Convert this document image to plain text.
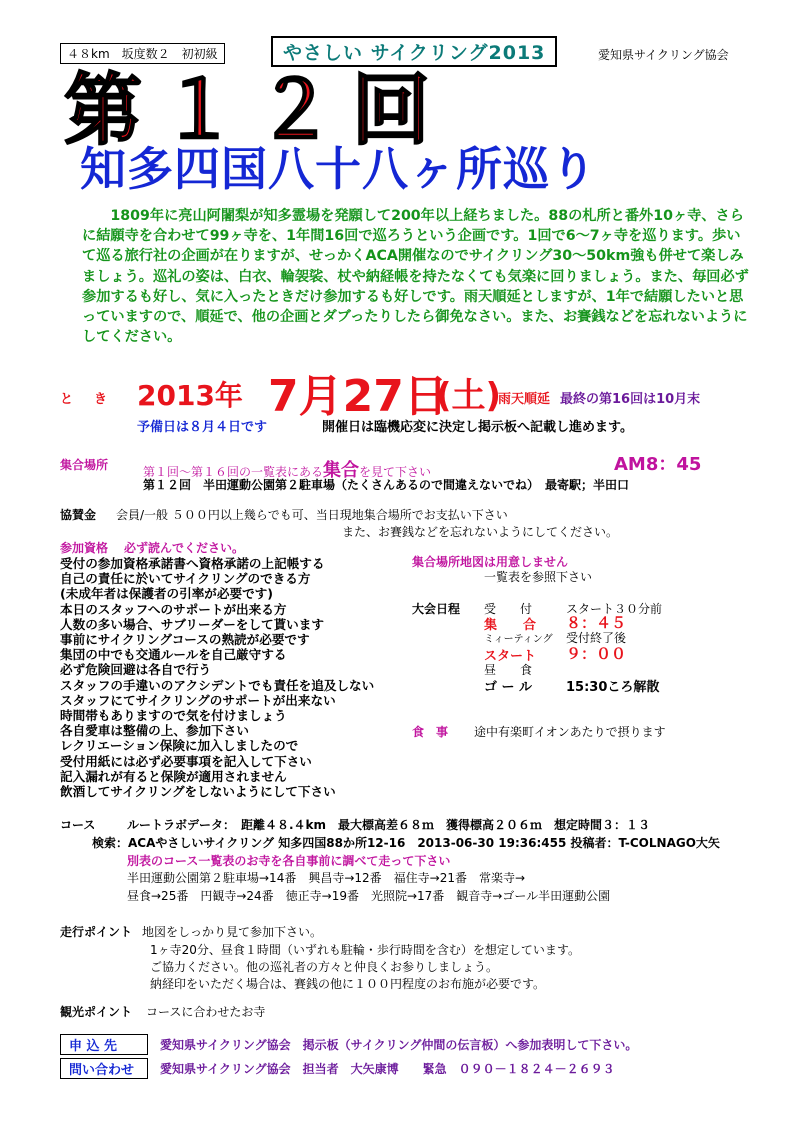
４８km　坂度数２　初初級	やさしい サイクリング2013	愛知県サイクリング協会
第１２回
知多四国八十八ヶ所巡り
1809年に亮山阿闍梨が知多霊場を発願して200年以上経ちました。88の札所と番外10ヶ寺、さらに結願寺を合わせて99ヶ寺を、1年間16回で巡ろうという企画です。1回で6～7ヶ寺を巡ります。歩いて巡る旅行社の企画が在りますが、せっかくACA開催なのでサイクリング30～50km強も併せて楽しみましょう。巡礼の姿は、白衣、輪袈裟、杖や納経帳を持たなくても気楽に回りましょう。また、毎回必ず参加するも好し、気に入ったときだけ参加するも好しです。雨天順延としますが、1年で結願したいと思っていますので、順延で、他の企画とダブったりしたら御免なさい。また、お賽銭などを忘れないようにしてください。
と　き 2013年 7月27日
(土)
雨天順延 最終の第16回は10月末
予備日は８月４日です	開催日は臨機応変に決定し掲示板へ記載し進めます。
集合場所	第１回～第１６回の一覧表にある集合を見て下さい	AM8：45
第１２回　半田運動公園第２駐車場（たくさんあるので間違えないでね）　最寄駅；半田口
協賛金 会員/一般 ５００円以上幾らでも可、当日現地集合場所でお支払い下さい
また、お賽銭などを忘れないようにしてください。
参加資格 必ず読んでください。
受付の参加資格承諾書へ資格承諾の上記帳する
自己の責任に於いてサイクリングのできる方
(未成年者は保護者の引率が必要です)
本日のスタッフへのサポートが出来る方
人数の多い場合、サブリーダーをして貰います
事前にサイクリングコースの熟読が必要です
集団の中でも交通ルールを自己厳守する
必ず危険回避は各自で行う
スタッフの手違いのアクシデントでも責任を追及しない
スタッフにてサイクリングのサポートが出来ない
時間帯もありますので気を付けましょう
各自愛車は整備の上、参加下さい
レクリエーション保険に加入しましたので
受付用紙には必ず必要事項を記入して下さい
記入漏れが有ると保険が適用されません
飲酒してサイクリングをしないようにして下さい
集合場所地図は用意しません
一覧表を参照下さい
大会日程 受　　付	スタート３０分前
集　　合 ８：４５
ミィーティング 受付終了後
スタート ９：００
昼　　食
ゴ ー ル	15:30ころ解散
食　事 途中有楽町イオンあたりで摂ります
コース	ルートラボデータ：　距離４８.４km　最大標高差６８ｍ　獲得標高２０６ｍ　想定時間３：１３
検索：ACAやさしいサイクリング 知多四国88か所12-16　2013-06-30 19:36:455 投稿者：T-COLNAGO大矢
別表のコース一覧表のお寺を各自事前に調べて走って下さい
半田運動公園第２駐車場→14番　興昌寺→12番　福住寺→21番　常楽寺→
昼食→25番　円観寺→24番　徳正寺→19番　光照院→17番　観音寺→ゴール半田運動公園
走行ポイント 地図をしっかり見て参加下さい。
1ヶ寺20分、昼食１時間（いずれも駐輪・歩行時間を含む）を想定しています。
ご協力ください。他の巡礼者の方々と仲良くお参りしましょう。
納経印をいただく場合は、賽銭の他に１００円程度のお布施が必要です。
観光ポイント コースに合わせたお寺
申 込 先	愛知県サイクリング協会　掲示板（サイクリング仲間の伝言板）へ参加表明して下さい。
問い合わせ	愛知県サイクリング協会　担当者　大矢康博　　緊急　０９０－１８２４－２６９３
